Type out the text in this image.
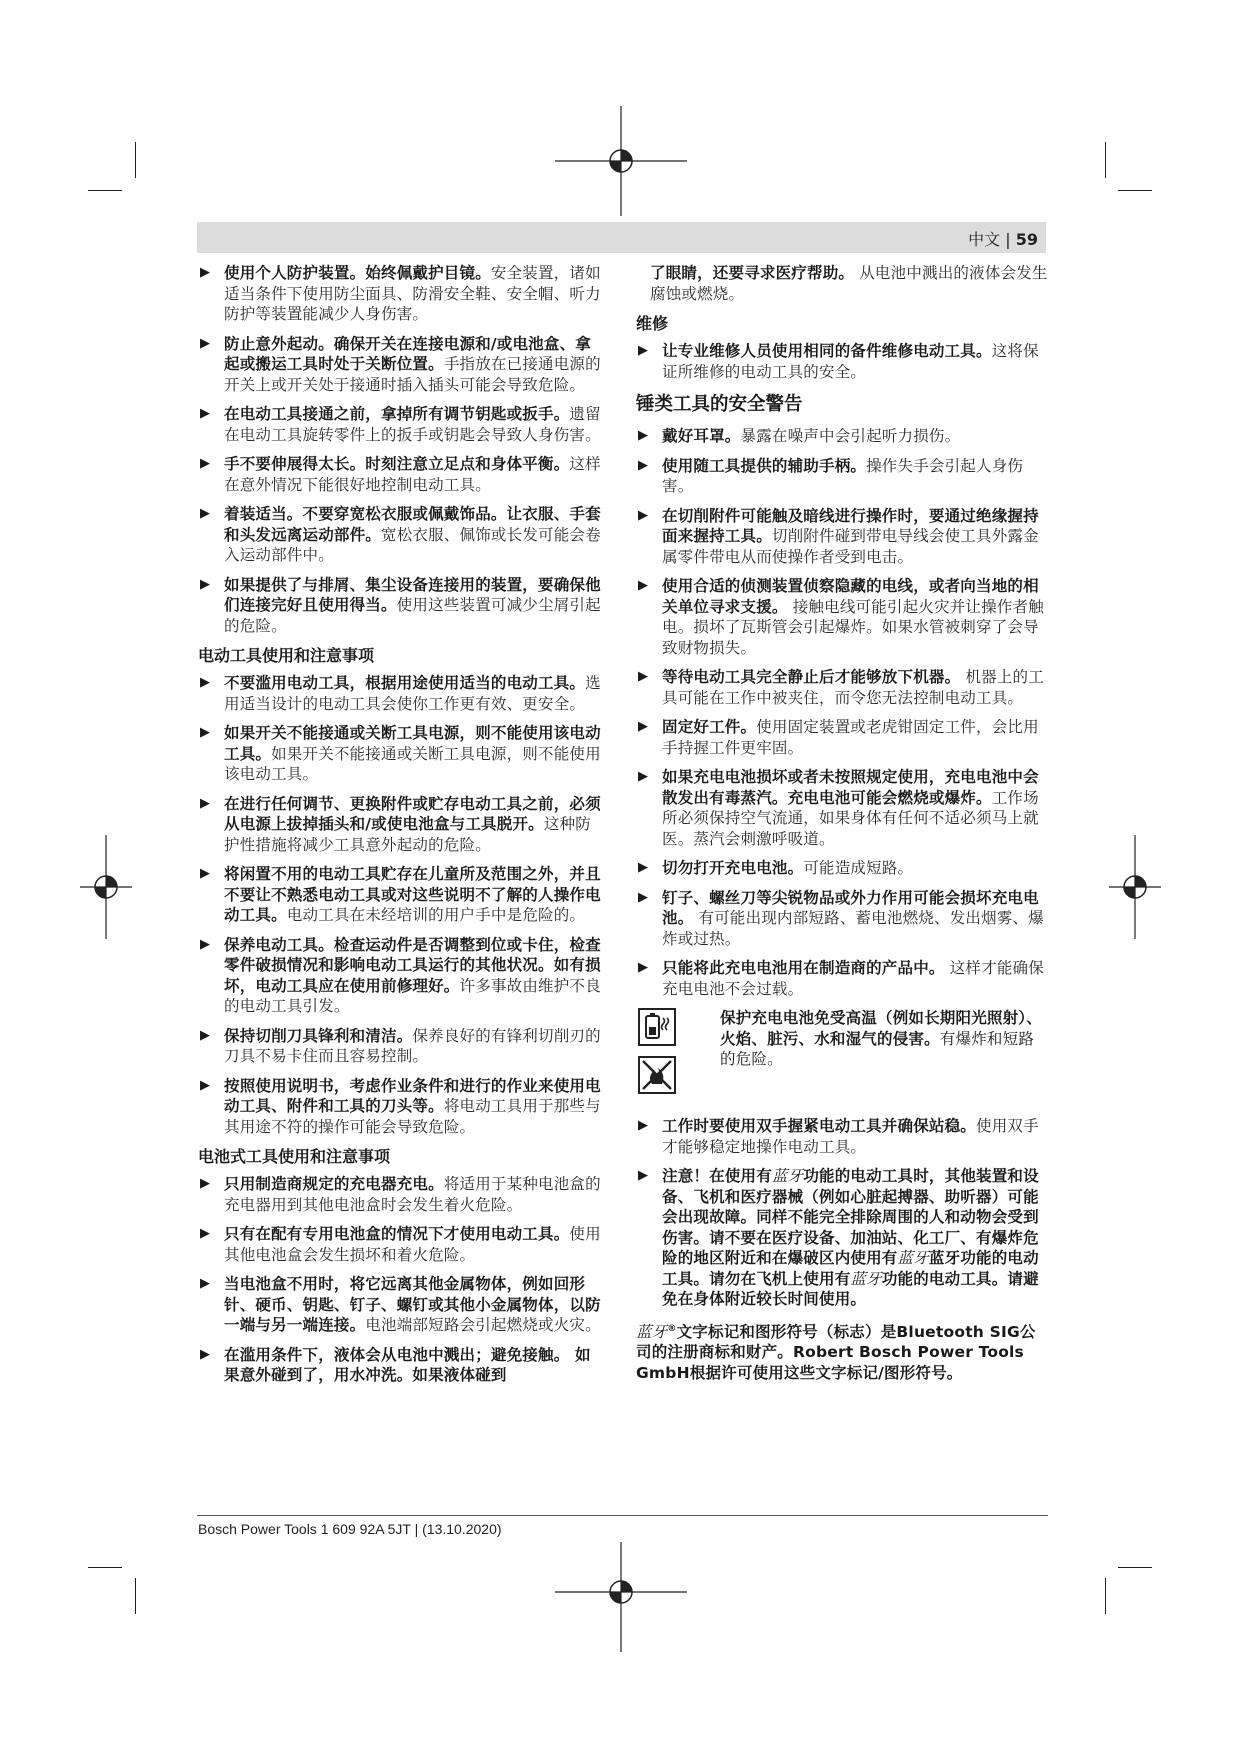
中文 | 59
▶ 使用个人防护装置。始终佩戴护目镜。安全装置，诸如适当条件下使用防尘面具、防滑安全鞋、安全帽、听力防护等装置能减少人身伤害。
▶ 防止意外起动。确保开关在连接电源和/或电池盒、拿起或搬运工具时处于关断位置。手指放在已接通电源的开关上或开关处于接通时插入插头可能会导致危险。
▶ 在电动工具接通之前，拿掉所有调节钥匙或扳手。遗留在电动工具旋转零件上的扳手或钥匙会导致人身伤害。
▶ 手不要伸展得太长。时刻注意立足点和身体平衡。这样在意外情况下能很好地控制电动工具。
▶ 着装适当。不要穿宽松衣服或佩戴饰品。让衣服、手套和头发远离运动部件。宽松衣服、佩饰或长发可能会卷入运动部件中。
▶ 如果提供了与排屑、集尘设备连接用的装置，要确保他们连接完好且使用得当。使用这些装置可减少尘屑引起的危险。
电动工具使用和注意事项
▶ 不要滥用电动工具，根据用途使用适当的电动工具。选用适当设计的电动工具会使你工作更有效、更安全。
▶ 如果开关不能接通或关断工具电源，则不能使用该电动工具。如果开关不能接通或关断工具电源，则不能使用该电动工具。
▶ 在进行任何调节、更换附件或贮存电动工具之前，必须从电源上拔掉插头和/或使电池盒与工具脱开。这种防护性措施将减少工具意外起动的危险。
▶ 将闲置不用的电动工具贮存在儿童所及范围之外，并且不要让不熟悉电动工具或对这些说明不了解的人操作电动工具。电动工具在未经培训的用户手中是危险的。
▶ 保养电动工具。检查运动件是否调整到位或卡住，检查零件破损情况和影响电动工具运行的其他状况。如有损坏，电动工具应在使用前修理好。许多事故由维护不良的电动工具引发。
▶ 保持切削刀具锋利和清洁。保养良好的有锋利切削刃的刀具不易卡住而且容易控制。
▶ 按照使用说明书，考虑作业条件和进行的作业来使用电动工具、附件和工具的刀头等。将电动工具用于那些与其用途不符的操作可能会导致危险。
电池式工具使用和注意事项
▶ 只用制造商规定的充电器充电。将适用于某种电池盒的充电器用到其他电池盒时会发生着火危险。
▶ 只有在配有专用电池盒的情况下才使用电动工具。使用其他电池盒会发生损坏和着火危险。
▶ 当电池盒不用时，将它远离其他金属物体，例如回形针、硬币、钥匙、钉子、螺钉或其他小金属物体，以防一端与另一端连接。电池端部短路会引起燃烧或火灾。
▶ 在滥用条件下，液体会从电池中溅出；避免接触。 如果意外碰到了，用水冲洗。如果液体碰到
了眼睛，还要寻求医疗帮助。 从电池中溅出的液体会发生腐蚀或燃烧。
维修
▶ 让专业维修人员使用相同的备件维修电动工具。这将保证所维修的电动工具的安全。
锤类工具的安全警告
▶ 戴好耳罩。暴露在噪声中会引起听力损伤。
▶ 使用随工具提供的辅助手柄。操作失手会引起人身伤害。
▶ 在切削附件可能触及暗线进行操作时，要通过绝缘握持面来握持工具。切削附件碰到带电导线会使工具外露金属零件带电从而使操作者受到电击。
▶ 使用合适的侦测装置侦察隐藏的电线，或者向当地的相关单位寻求支援。 接触电线可能引起火灾并让操作者触电。损坏了瓦斯管会引起爆炸。如果水管被刺穿了会导致财物损失。
▶ 等待电动工具完全静止后才能够放下机器。 机器上的工具可能在工作中被夹住，而令您无法控制电动工具。
▶ 固定好工件。使用固定装置或老虎钳固定工件，会比用手持握工件更牢固。
▶ 如果充电电池损坏或者未按照规定使用，充电电池中会散发出有毒蒸汽。充电电池可能会燃烧或爆炸。工作场所必须保持空气流通，如果身体有任何不适必须马上就医。蒸汽会刺激呼吸道。
▶ 切勿打开充电电池。可能造成短路。
▶ 钉子、螺丝刀等尖锐物品或外力作用可能会损坏充电电池。 有可能出现内部短路、蓄电池燃烧、发出烟雾、爆炸或过热。
▶ 只能将此充电电池用在制造商的产品中。 这样才能确保充电电池不会过载。
保护充电电池免受高温（例如长期阳光照射）、火焰、脏污、水和湿气的侵害。有爆炸和短路的危险。
▶ 工作时要使用双手握紧电动工具并确保站稳。使用双手才能够稳定地操作电动工具。
▶ 注意！在使用有蓝牙功能的电动工具时，其他装置和设备、飞机和医疗器械（例如心脏起搏器、助听器）可能会出现故障。同样不能完全排除周围的人和动物会受到伤害。请不要在医疗设备、加油站、化工厂、有爆炸危险的地区附近和在爆破区内使用有蓝牙蓝牙功能的电动工具。请勿在飞机上使用有蓝牙功能的电动工具。请避免在身体附近较长时间使用。
蓝牙®文字标记和图形符号（标志）是Bluetooth SIG公司的注册商标和财产。Robert Bosch Power Tools GmbH根据许可使用这些文字标记/图形符号。
Bosch Power Tools 1 609 92A 5JT | (13.10.2020)
